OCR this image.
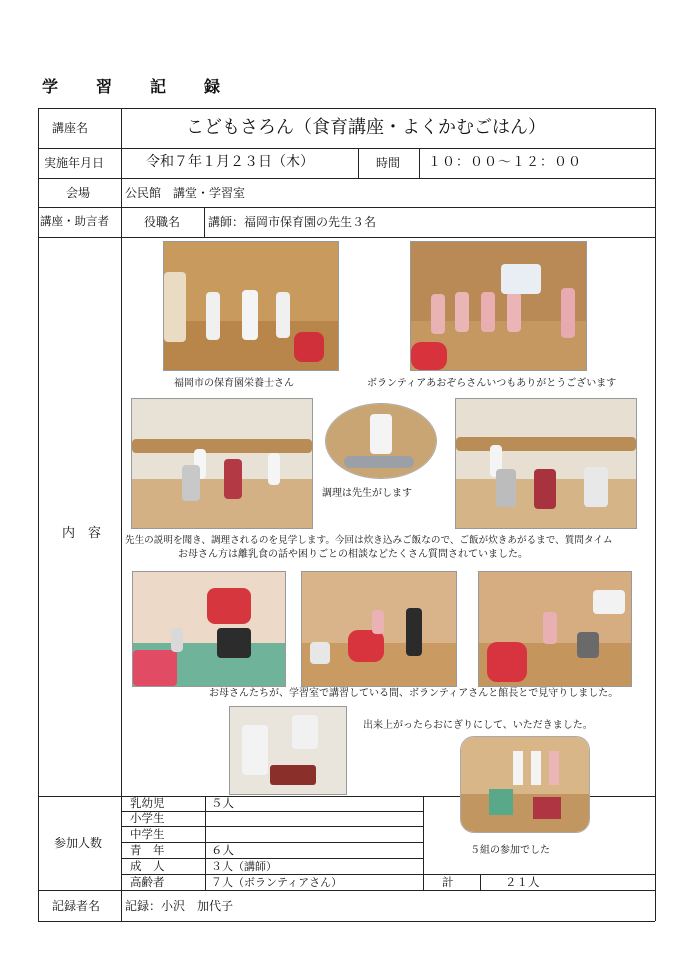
学 習 記 録
講座名	こどもさろん（食育講座・よくかむごはん）
実施年月日	令和７年１月２３日（木）	時間 １０：００～１２：００
会場	公民館　講堂・学習室
講座・助言者	役職名 講師：福岡市保育園の先生３名
内　容
福岡市の保育園栄養士さん	ボランティアあおぞらさんいつもありがとうございます
調理は先生がします
先生の説明を聞き、調理されるのを見学します。今回は炊き込みご飯なので、ご飯が炊きあがるまで、質問タイム
お母さん方は離乳食の話や困りごとの相談などたくさん質問されていました。
お母さんたちが、学習室で講習している間、ボランティアさんと館長とで見守りしました。
出来上がったらおにぎりにして、いただきました。
５組の参加でした
参加人数
乳幼児	５人
小学生
中学生
青　年	６人
成　人	３人（講師）
高齢者	７人（ボランティアさん）	計	２１人
記録者名 記録：小沢　加代子
